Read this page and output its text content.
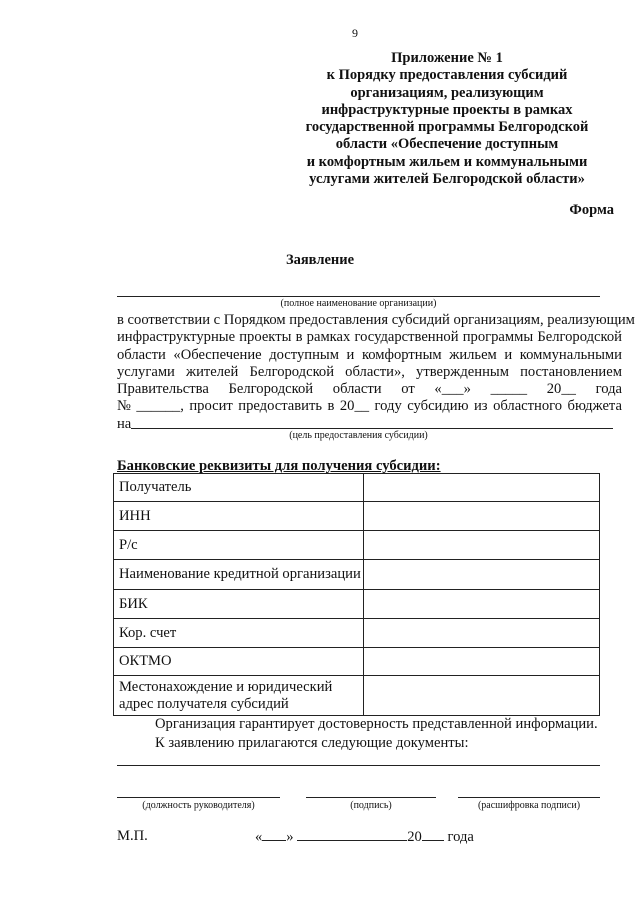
9
Приложение № 1
к Порядку предоставления субсидий
организациям, реализующим
инфраструктурные проекты в рамках
государственной программы Белгородской
области «Обеспечение доступным
и комфортным жильем и коммунальными
услугами жителей Белгородской области»
Форма
Заявление
(полное наименование организации)
в соответствии с Порядком предоставления субсидий организациям, реализующим
инфраструктурные проекты в рамках государственной программы Белгородской
области «Обеспечение доступным и комфортным жильем и коммунальными
услугами жителей Белгородской области», утвержденным постановлением
Правительства Белгородской области от «___» _____ 20__ года
№ ______, просит предоставить в 20__ году субсидию из областного бюджета
на
(цель предоставления субсидии)
Банковские реквизиты для получения субсидии:
Получатель	
ИНН	
Р/с	
Наименование кредитной организации	
БИК	
Кор. счет	
ОКТМО	
Местонахождение и юридический адрес получателя субсидий	
Организация гарантирует достоверность представленной информации.
К заявлению прилагаются следующие документы:
(должность руководителя)	(подпись)	(расшифровка подписи)
М.П.	« »	20 года
